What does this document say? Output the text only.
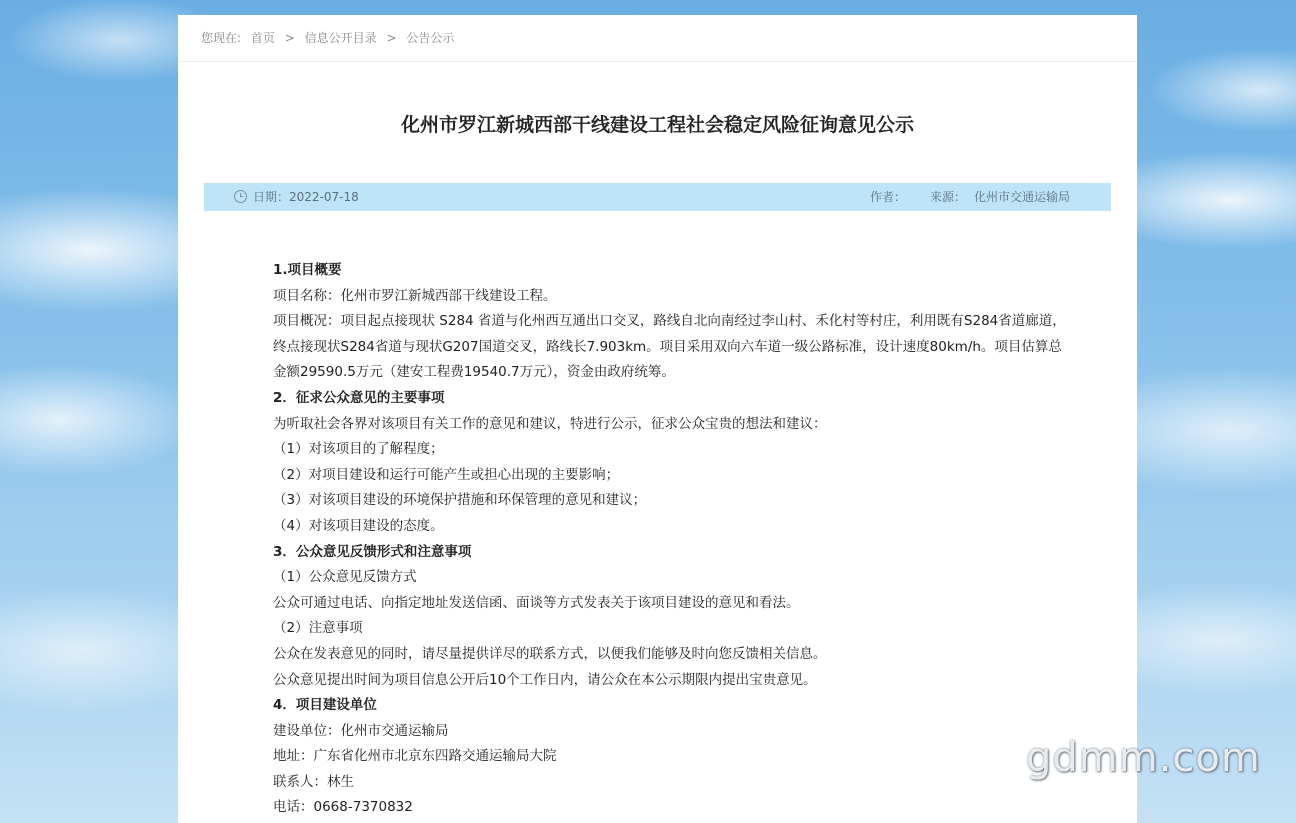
您现在: 首页 > 信息公开目录 > 公告公示
化州市罗江新城西部干线建设工程社会稳定风险征询意见公示
日期：2022-07-18	作者： 来源： 化州市交通运输局

1.项目概要

项目名称：化州市罗江新城西部干线建设工程。

项目概况：项目起点接现状 S284 省道与化州西互通出口交叉，路线自北向南经过李山村、禾化村等村庄，利用既有S284省道廊道，终点接现状S284省道与现状G207国道交叉，路线长7.903km。项目采用双向六车道一级公路标准，设计速度80km/h。项目估算总金额29590.5万元（建安工程费19540.7万元），资金由政府统筹。

2．征求公众意见的主要事项

为听取社会各界对该项目有关工作的意见和建议，特进行公示，征求公众宝贵的想法和建议：

（1）对该项目的了解程度；

（2）对项目建设和运行可能产生或担心出现的主要影响；

（3）对该项目建设的环境保护措施和环保管理的意见和建议；

（4）对该项目建设的态度。

3．公众意见反馈形式和注意事项

（1）公众意见反馈方式

公众可通过电话、向指定地址发送信函、面谈等方式发表关于该项目建设的意见和看法。

（2）注意事项

公众在发表意见的同时，请尽量提供详尽的联系方式，以便我们能够及时向您反馈相关信息。

公众意见提出时间为项目信息公开后10个工作日内，请公众在本公示期限内提出宝贵意见。

4．项目建设单位

建设单位：化州市交通运输局

地址：广东省化州市北京东四路交通运输局大院

联系人：林生

电话：0668-7370832

gdmm.com
